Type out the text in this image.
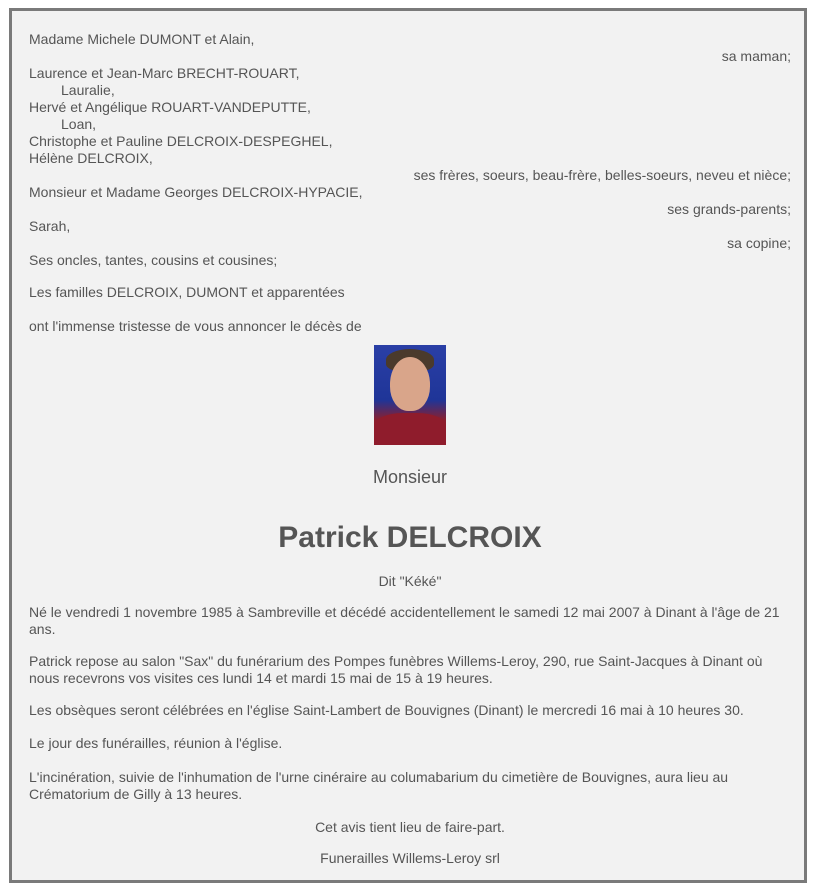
Madame Michele DUMONT et Alain,
sa maman;
Laurence et Jean-Marc BRECHT-ROUART,
Lauralie,
Hervé et Angélique ROUART-VANDEPUTTE,
Loan,
Christophe et Pauline DELCROIX-DESPEGHEL,
Hélène DELCROIX,
ses frères, soeurs, beau-frère, belles-soeurs, neveu et nièce;
Monsieur et Madame Georges DELCROIX-HYPACIE,
ses grands-parents;
Sarah,
sa copine;
Ses oncles, tantes, cousins et cousines;
Les familles DELCROIX, DUMONT et apparentées
ont l'immense tristesse de vous annoncer le décès de
Monsieur
Patrick DELCROIX
Dit "Kéké"
Né le vendredi 1 novembre 1985 à Sambreville et décédé accidentellement le samedi 12 mai 2007 à Dinant à l'âge de 21 ans.
Patrick repose au salon "Sax" du funérarium des Pompes funèbres Willems-Leroy, 290, rue Saint-Jacques à Dinant où nous recevrons vos visites ces lundi 14 et mardi 15 mai de 15 à 19 heures.
Les obsèques seront célébrées en l'église Saint-Lambert de Bouvignes (Dinant) le mercredi 16 mai à 10 heures 30.
Le jour des funérailles, réunion à l'église.
L'incinération, suivie de l'inhumation de l'urne cinéraire au columabarium du cimetière de Bouvignes, aura lieu au Crématorium de Gilly à 13 heures.
Cet avis tient lieu de faire-part.
Funerailles Willems-Leroy srl
